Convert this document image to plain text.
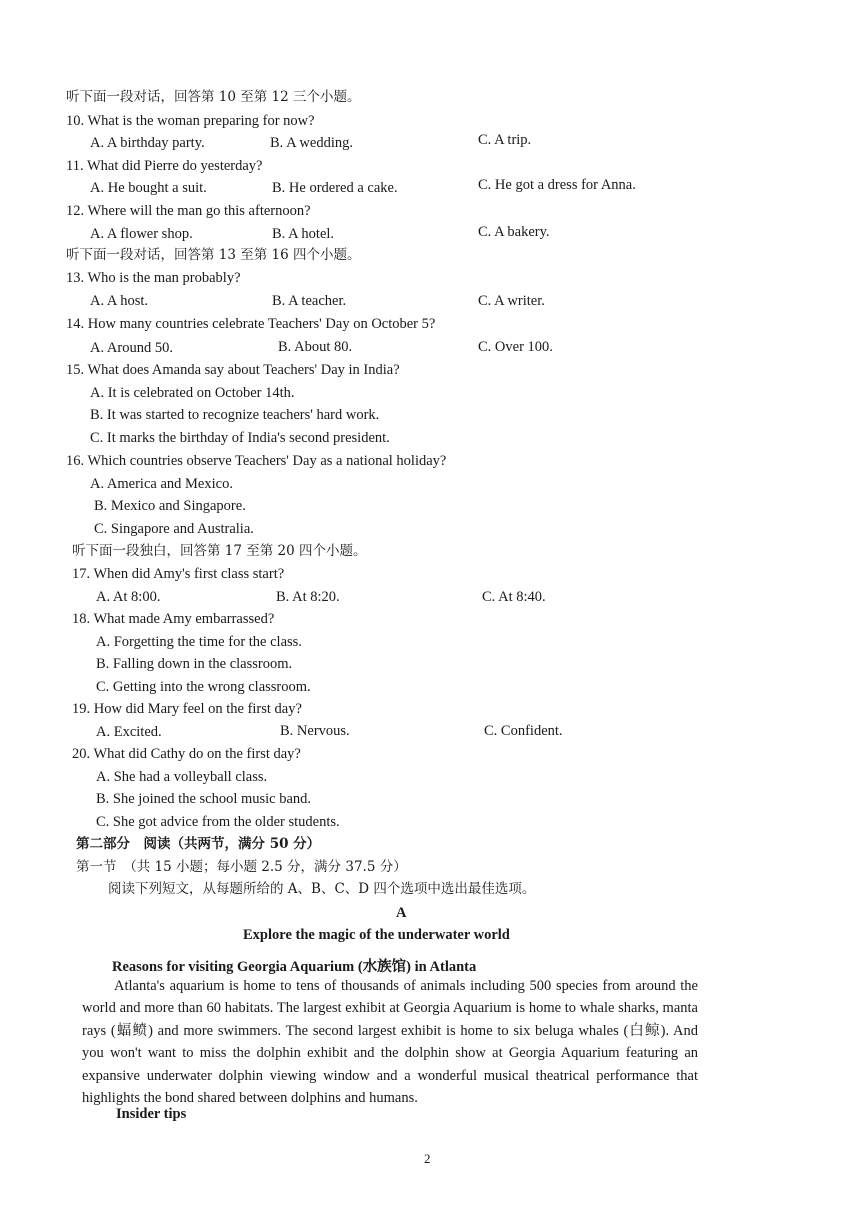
听下面一段对话，回答第 10 至第 12 三个小题。
10. What is the woman preparing for now?
A. A birthday party.	B. A wedding.	C. A trip.
11. What did Pierre do yesterday?
A. He bought a suit.	B. He ordered a cake.	C. He got a dress for Anna.
12. Where will the man go this afternoon?
A. A flower shop.	B. A hotel.	C. A bakery.
听下面一段对话，回答第 13 至第 16 四个小题。
13. Who is the man probably?
A. A host.	B. A teacher.	C. A writer.
14. How many countries celebrate Teachers' Day on October 5?
A. Around 50.	B. About 80.	C. Over 100.
15. What does Amanda say about Teachers' Day in India?
A. It is celebrated on October 14th.
B. It was started to recognize teachers' hard work.
C. It marks the birthday of India's second president.
16. Which countries observe Teachers' Day as a national holiday?
A. America and Mexico.
B. Mexico and Singapore.
C. Singapore and Australia.
听下面一段独白，回答第 17 至第 20 四个小题。
17. When did Amy's first class start?
A. At 8:00.	B. At 8:20.	C. At 8:40.
18. What made Amy embarrassed?
A. Forgetting the time for the class.
B. Falling down in the classroom.
C. Getting into the wrong classroom.
19. How did Mary feel on the first day?
A. Excited.	B. Nervous.	C. Confident.
20. What did Cathy do on the first day?
A. She had a volleyball class.
B. She joined the school music band.
C. She got advice from the older students.
第二部分　阅读（共两节，满分 50 分）
第一节　（共 15 小题；每小题 2.5 分，满分 37.5 分）
阅读下列短文，从每题所给的 A、B、C、D 四个选项中选出最佳选项。
A
Explore the magic of the underwater world
Reasons for visiting Georgia Aquarium (水族馆) in Atlanta

Atlanta's aquarium is home to tens of thousands of animals including 500 species from around the world and more than 60 habitats. The largest exhibit at Georgia Aquarium is home to whale sharks, manta rays (蝠鲼) and more swimmers. The second largest exhibit is home to six beluga whales (白鲸). And you won't want to miss the dolphin exhibit and the dolphin show at Georgia Aquarium featuring an expansive underwater dolphin viewing window and a wonderful musical theatrical performance that highlights the bond shared between dolphins and humans.

Insider tips
2
